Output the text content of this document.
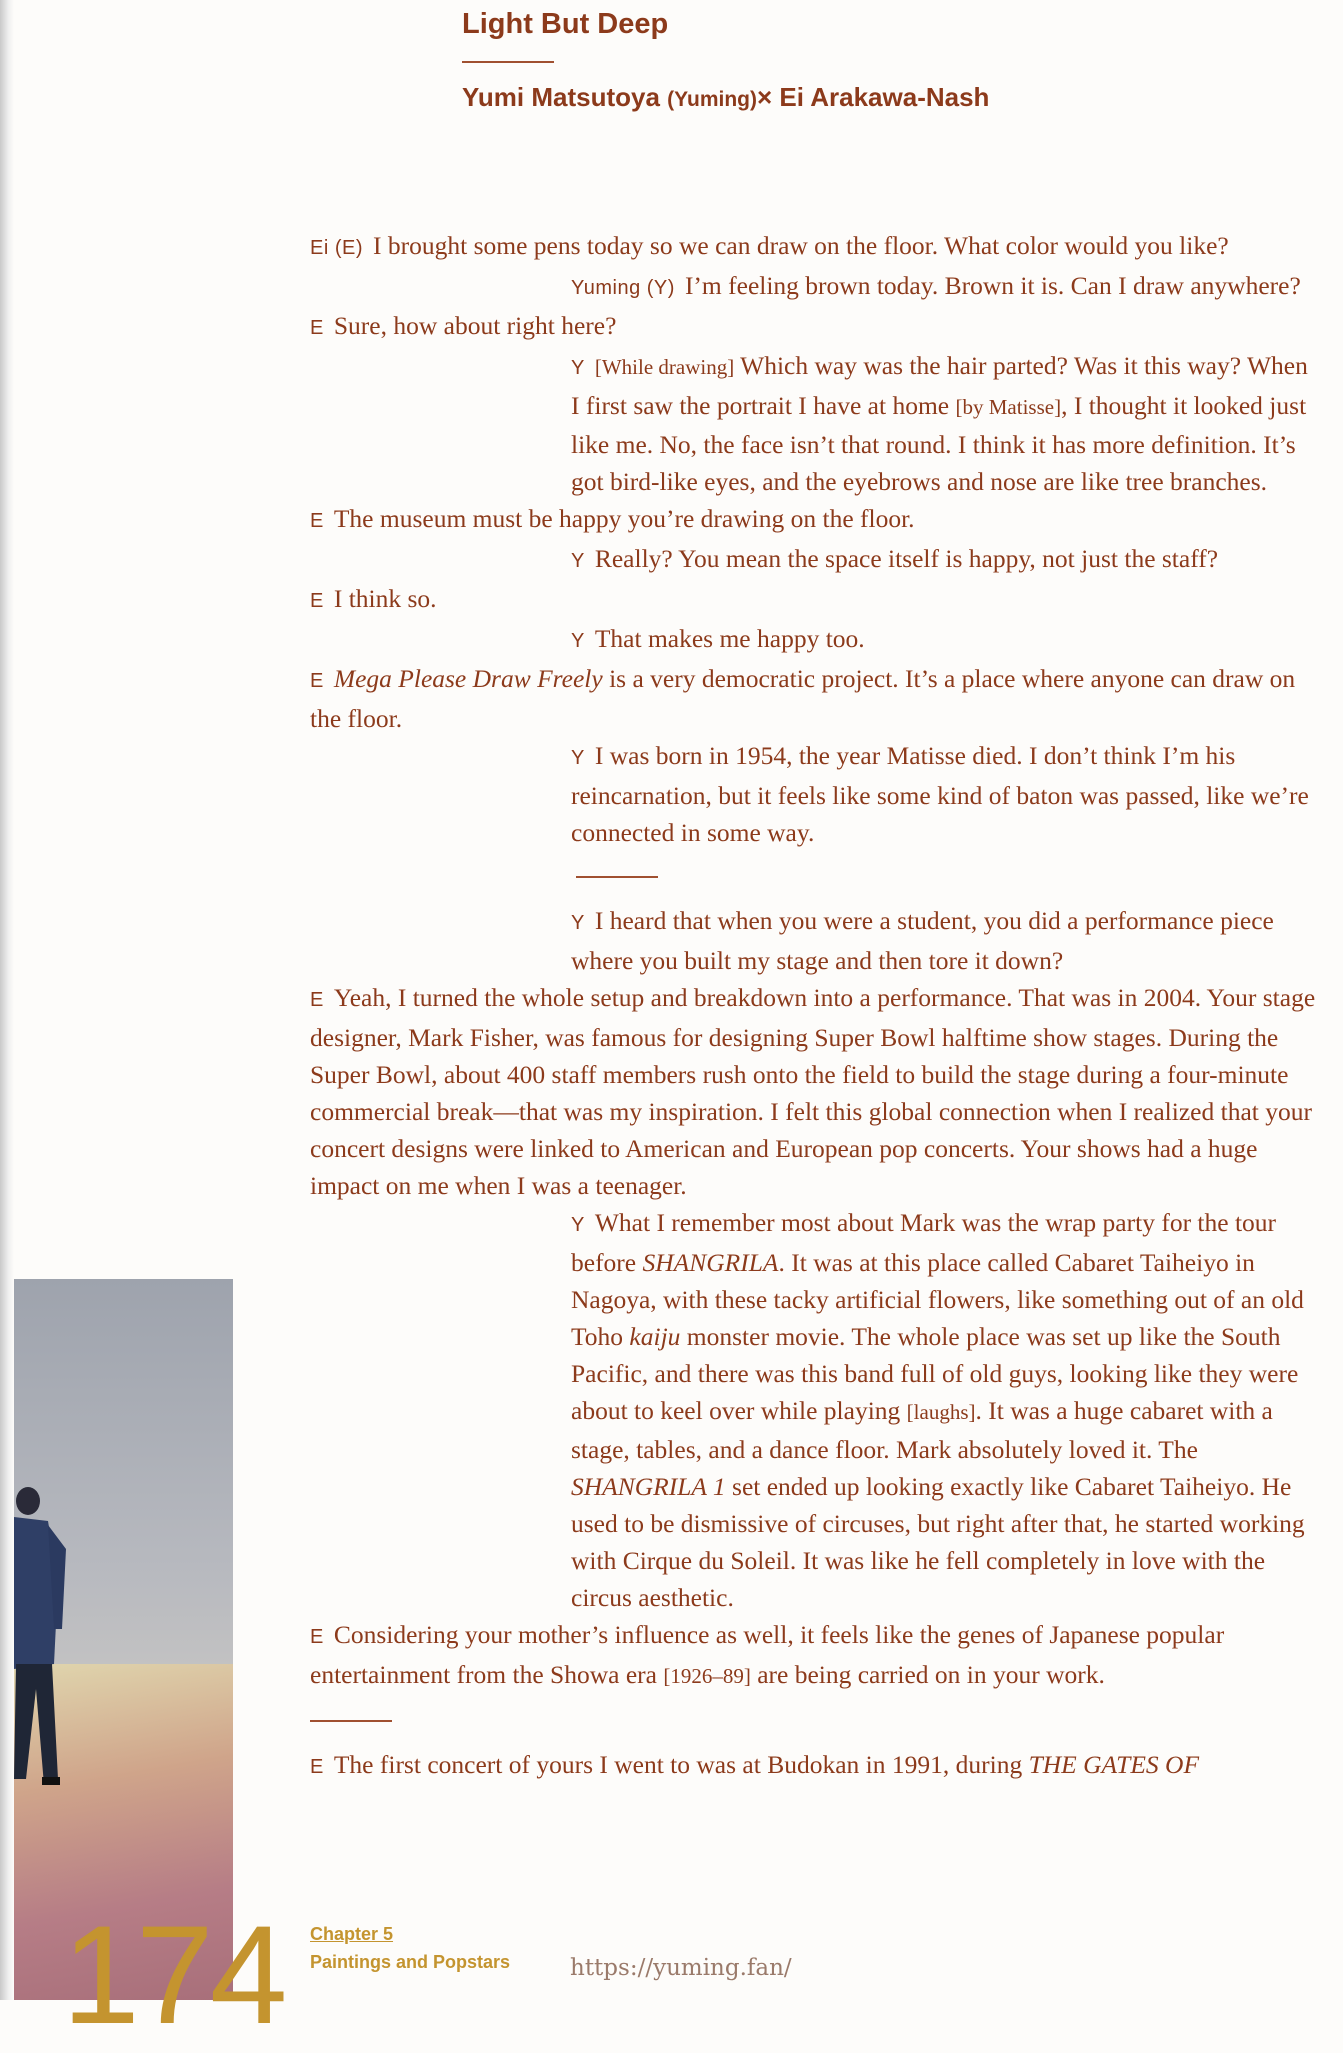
Light But Deep
Yumi Matsutoya (Yuming)× Ei Arakawa-Nash

Ei (E) I brought some pens today so we can draw on the floor. What color would you like?

Yuming (Y) I’m feeling brown today. Brown it is. Can I draw anywhere?

E Sure, how about right here?

Y [While drawing] Which way was the hair parted? Was it this way? When I first saw the portrait I have at home [by Matisse], I thought it looked just like me. No, the face isn’t that round. I think it has more definition. It’s got bird-like eyes, and the eyebrows and nose are like tree branches.

E The museum must be happy you’re drawing on the floor.

Y Really? You mean the space itself is happy, not just the staff?

E I think so.

Y That makes me happy too.

E Mega Please Draw Freely is a very democratic project. It’s a place where anyone can draw on the floor.

Y I was born in 1954, the year Matisse died. I don’t think I’m his reincarnation, but it feels like some kind of baton was passed, like we’re connected in some way.

Y I heard that when you were a student, you did a performance piece where you built my stage and then tore it down?

E Yeah, I turned the whole setup and breakdown into a performance. That was in 2004. Your stage designer, Mark Fisher, was famous for designing Super Bowl halftime show stages. During the Super Bowl, about 400 staff members rush onto the field to build the stage during a four-minute commercial break—that was my inspiration. I felt this global connection when I realized that your concert designs were linked to American and European pop concerts. Your shows had a huge impact on me when I was a teenager.

Y What I remember most about Mark was the wrap party for the tour before SHANGRILA. It was at this place called Cabaret Taiheiyo in Nagoya, with these tacky artificial flowers, like something out of an old Toho kaiju monster movie. The whole place was set up like the South Pacific, and there was this band full of old guys, looking like they were about to keel over while playing [laughs]. It was a huge cabaret with a stage, tables, and a dance floor. Mark absolutely loved it. The SHANGRILA 1 set ended up looking exactly like Cabaret Taiheiyo. He used to be dismissive of circuses, but right after that, he started working with Cirque du Soleil. It was like he fell completely in love with the circus aesthetic.

E Considering your mother’s influence as well, it feels like the genes of Japanese popular entertainment from the Showa era [1926–89] are being carried on in your work.

E The first concert of yours I went to was at Budokan in 1991, during THE GATES OF

174 Chapter 5
Paintings and Popstars	https://yuming.fan/
